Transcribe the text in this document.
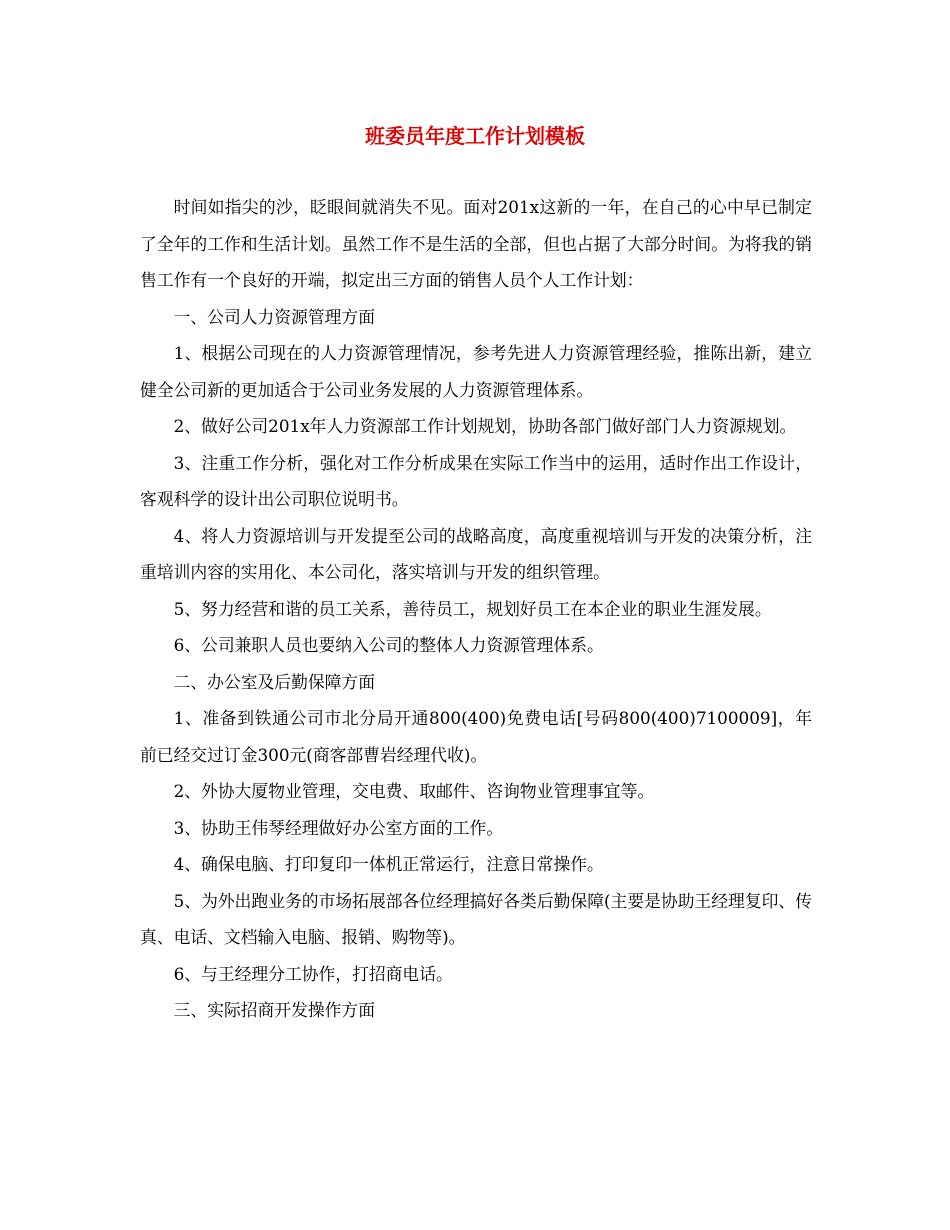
班委员年度工作计划模板

时间如指尖的沙，眨眼间就消失不见。面对201x这新的一年，在自己的心中早已制定了全年的工作和生活计划。虽然工作不是生活的全部，但也占据了大部分时间。为将我的销售工作有一个良好的开端，拟定出三方面的销售人员个人工作计划：

一、公司人力资源管理方面

1、根据公司现在的人力资源管理情况，参考先进人力资源管理经验，推陈出新，建立健全公司新的更加适合于公司业务发展的人力资源管理体系。

2、做好公司201x年人力资源部工作计划规划，协助各部门做好部门人力资源规划。

3、注重工作分析，强化对工作分析成果在实际工作当中的运用，适时作出工作设计，客观科学的设计出公司职位说明书。

4、将人力资源培训与开发提至公司的战略高度，高度重视培训与开发的决策分析，注重培训内容的实用化、本公司化，落实培训与开发的组织管理。

5、努力经营和谐的员工关系，善待员工，规划好员工在本企业的职业生涯发展。

6、公司兼职人员也要纳入公司的整体人力资源管理体系。

二、办公室及后勤保障方面

1、准备到铁通公司市北分局开通800(400)免费电话[号码800(400)7100009]，年前已经交过订金300元(商客部曹岩经理代收)。

2、外协大厦物业管理，交电费、取邮件、咨询物业管理事宜等。

3、协助王伟琴经理做好办公室方面的工作。

4、确保电脑、打印复印一体机正常运行，注意日常操作。

5、为外出跑业务的市场拓展部各位经理搞好各类后勤保障(主要是协助王经理复印、传真、电话、文档输入电脑、报销、购物等)。

6、与王经理分工协作，打招商电话。

三、实际招商开发操作方面
